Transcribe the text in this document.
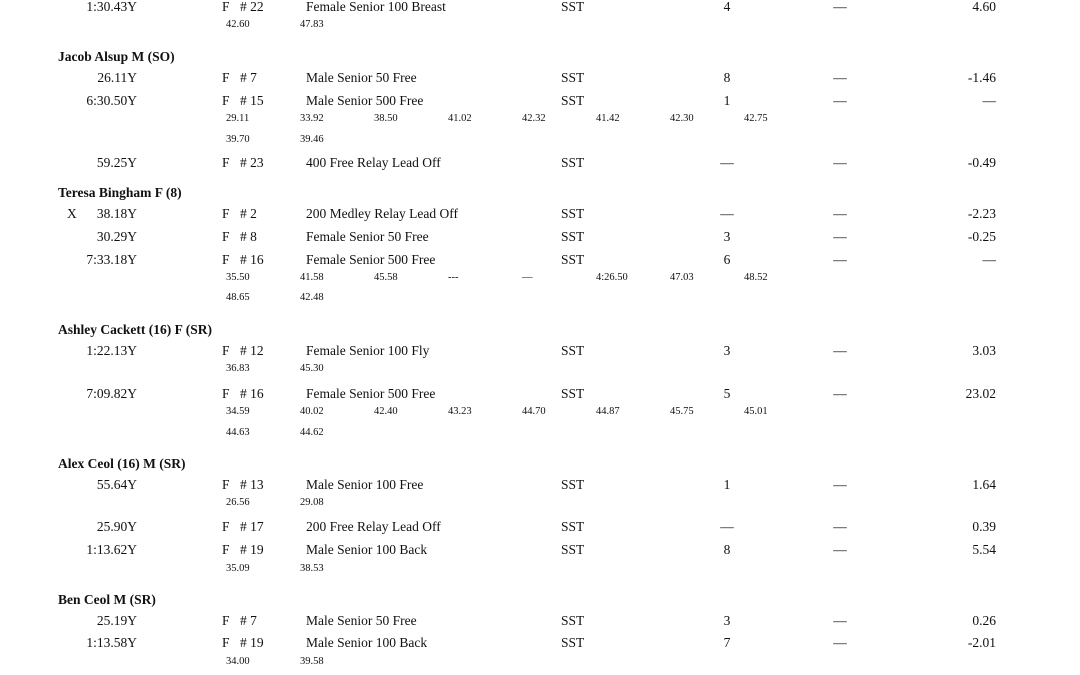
1:30.43Y	F # 22	Female Senior 100 Breast	SST	4	—	4.60
42.60	47.83
Jacob Alsup M (SO)
26.11Y	F # 7	Male Senior 50 Free	SST	8	—	-1.46
6:30.50Y	F # 15	Male Senior 500 Free	SST	1	—	—
29.11	33.92	38.50	41.02	42.32	41.42	42.30	42.75
39.70	39.46
59.25Y	F # 23	400 Free Relay Lead Off	SST	—	—	-0.49
Teresa Bingham F (8)
X 38.18Y	F # 2	200 Medley Relay Lead Off	SST	—	—	-2.23
30.29Y	F # 8	Female Senior 50 Free	SST	3	—	-0.25
7:33.18Y	F # 16	Female Senior 500 Free	SST	6	—	—
35.50	41.58	45.58	---	—	4:26.50	47.03	48.52
48.65	42.48
Ashley Cackett (16) F (SR)
1:22.13Y	F # 12	Female Senior 100 Fly	SST	3	—	3.03
36.83	45.30
7:09.82Y	F # 16	Female Senior 500 Free	SST	5	—	23.02
34.59	40.02	42.40	43.23	44.70	44.87	45.75	45.01
44.63	44.62
Alex Ceol (16) M (SR)
55.64Y	F # 13	Male Senior 100 Free	SST	1	—	1.64
26.56	29.08
25.90Y	F # 17	200 Free Relay Lead Off	SST	—	—	0.39
1:13.62Y	F # 19	Male Senior 100 Back	SST	8	—	5.54
35.09	38.53
Ben Ceol M (SR)
25.19Y	F # 7	Male Senior 50 Free	SST	3	—	0.26
1:13.58Y	F # 19	Male Senior 100 Back	SST	7	—	-2.01
34.00	39.58
